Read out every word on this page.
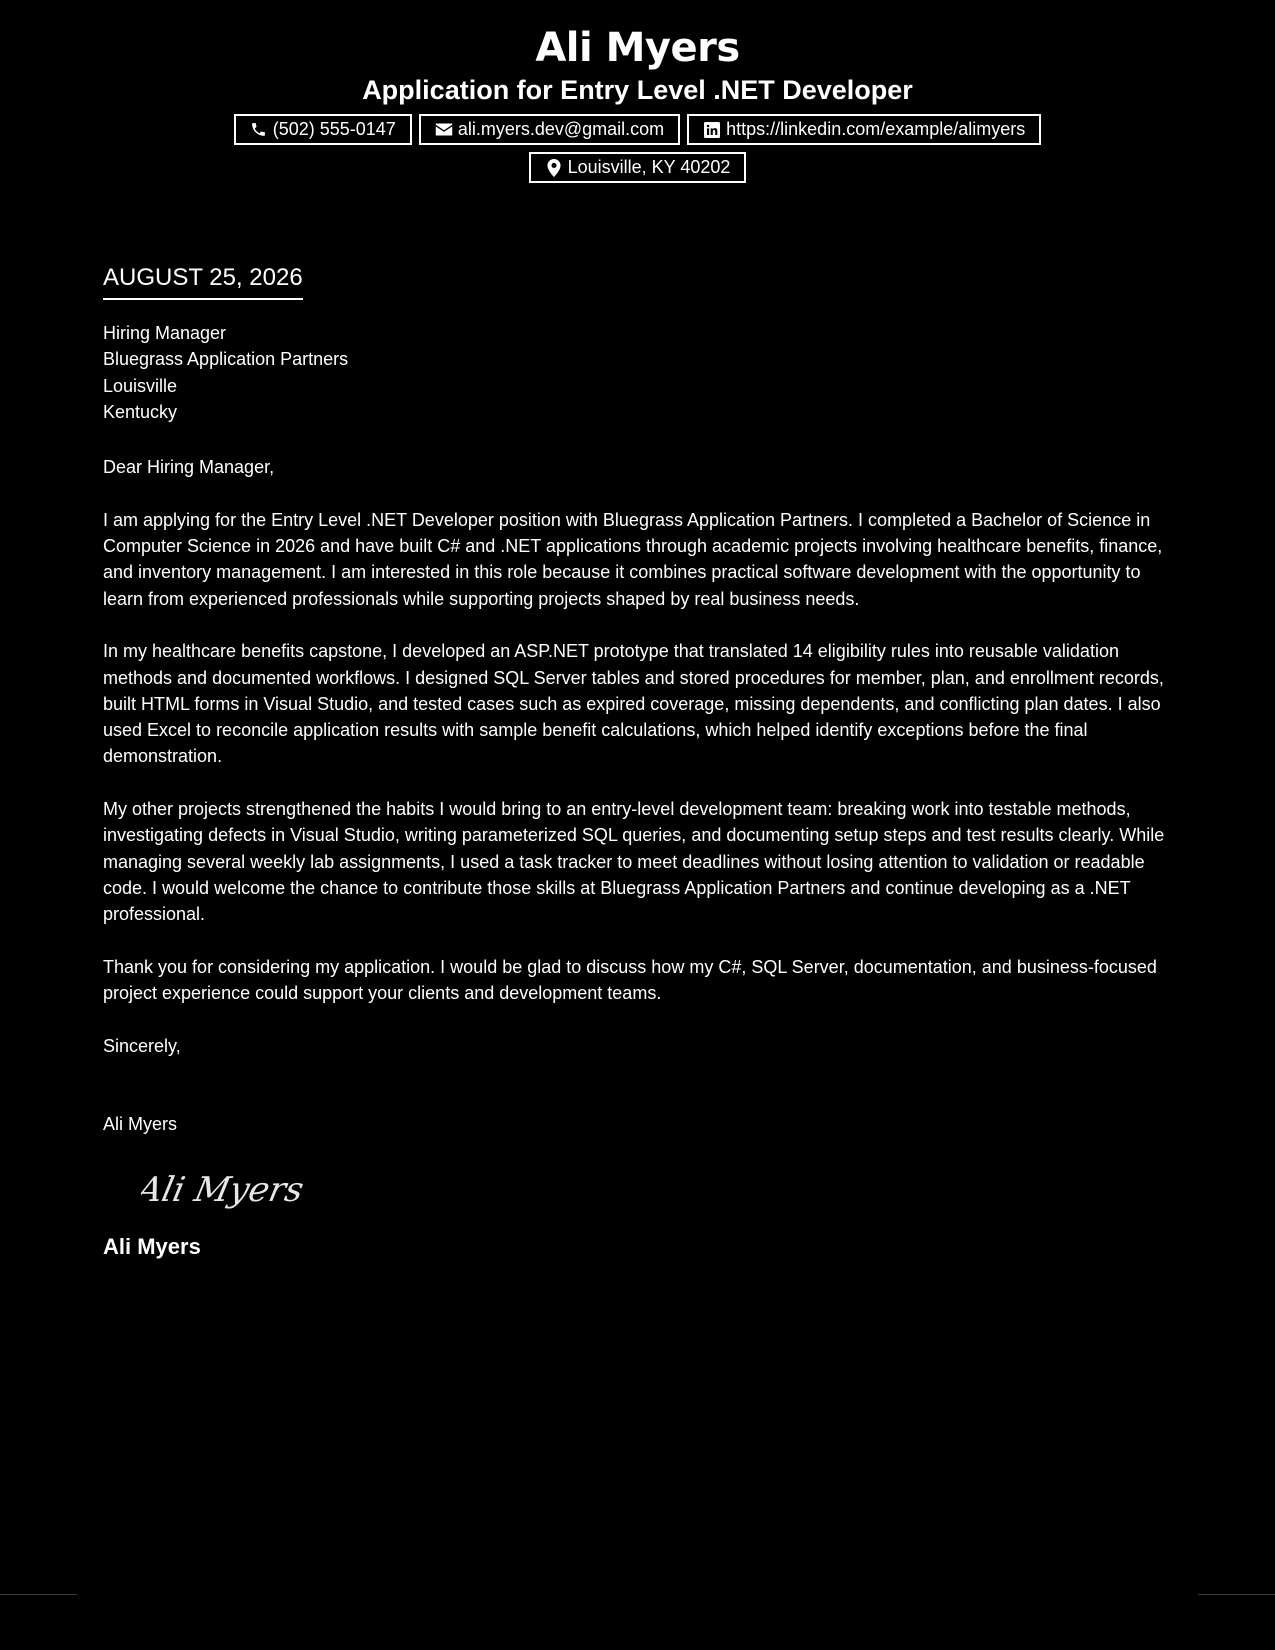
Ali Myers
Application for Entry Level .NET Developer
(502) 555-0147	ali.myers.dev@gmail.com	https://linkedin.com/example/alimyers
Louisville, KY 40202
AUGUST 25, 2026
Hiring Manager
Bluegrass Application Partners
Louisville
Kentucky
Dear Hiring Manager,
I am applying for the Entry Level .NET Developer position with Bluegrass Application Partners. I completed a Bachelor of Science in Computer Science in 2026 and have built C# and .NET applications through academic projects involving healthcare benefits, finance, and inventory management. I am interested in this role because it combines practical software development with the opportunity to learn from experienced professionals while supporting projects shaped by real business needs.
In my healthcare benefits capstone, I developed an ASP.NET prototype that translated 14 eligibility rules into reusable validation methods and documented workflows. I designed SQL Server tables and stored procedures for member, plan, and enrollment records, built HTML forms in Visual Studio, and tested cases such as expired coverage, missing dependents, and conflicting plan dates. I also used Excel to reconcile application results with sample benefit calculations, which helped identify exceptions before the final demonstration.
My other projects strengthened the habits I would bring to an entry-level development team: breaking work into testable methods, investigating defects in Visual Studio, writing parameterized SQL queries, and documenting setup steps and test results clearly. While managing several weekly lab assignments, I used a task tracker to meet deadlines without losing attention to validation or readable code. I would welcome the chance to contribute those skills at Bluegrass Application Partners and continue developing as a .NET professional.
Thank you for considering my application. I would be glad to discuss how my C#, SQL Server, documentation, and business-focused project experience could support your clients and development teams.
Sincerely,
Ali Myers
Ali Myers
Ali Myers
